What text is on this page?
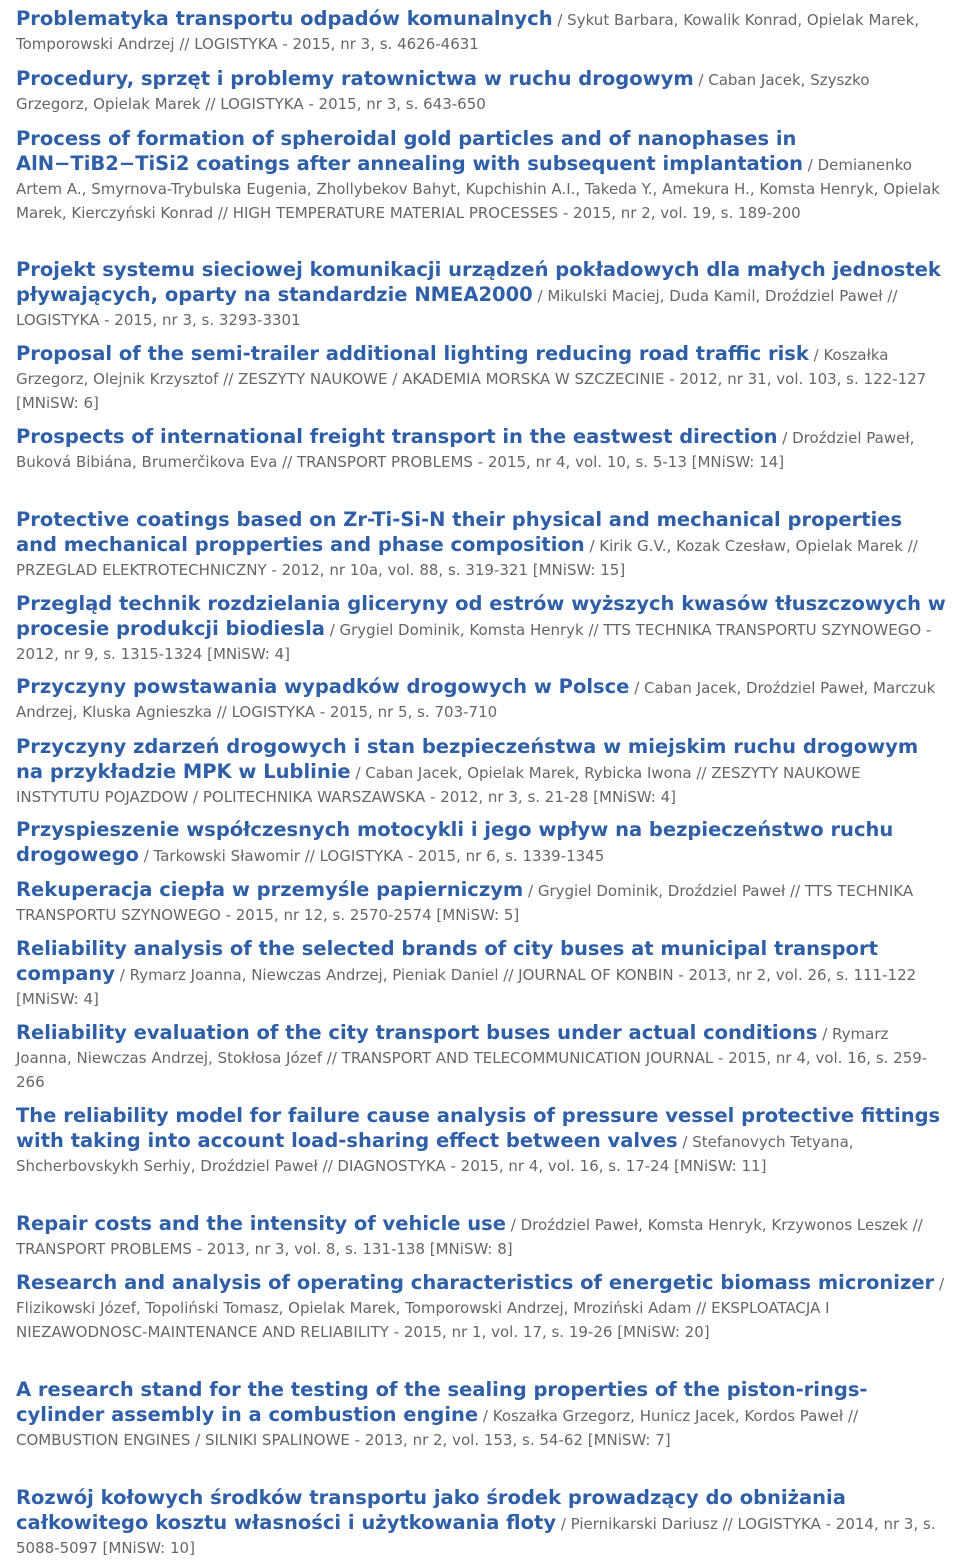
Problematyka transportu odpadów komunalnych / Sykut Barbara, Kowalik Konrad, Opielak Marek, Tomporowski Andrzej // LOGISTYKA - 2015, nr 3, s. 4626-4631

Procedury, sprzęt i problemy ratownictwa w ruchu drogowym / Caban Jacek, Szyszko Grzegorz, Opielak Marek // LOGISTYKA - 2015, nr 3, s. 643-650

Process of formation of spheroidal gold particles and of nanophases in AlN−TiB2−TiSi2 coatings after annealing with subsequent implantation / Demianenko Artem A., Smyrnova-Trybulska Eugenia, Zhollybekov Bahyt, Kupchishin A.I., Takeda Y., Amekura H., Komsta Henryk, Opielak Marek, Kierczyński Konrad // HIGH TEMPERATURE MATERIAL PROCESSES - 2015, nr 2, vol. 19, s. 189-200

Projekt systemu sieciowej komunikacji urządzeń pokładowych dla małych jednostek pływających, oparty na standardzie NMEA2000 / Mikulski Maciej, Duda Kamil, Droździel Paweł // LOGISTYKA - 2015, nr 3, s. 3293-3301

Proposal of the semi-trailer additional lighting reducing road traffic risk / Koszałka Grzegorz, Olejnik Krzysztof // ZESZYTY NAUKOWE / AKADEMIA MORSKA W SZCZECINIE - 2012, nr 31, vol. 103, s. 122-127 [MNiSW: 6]

Prospects of international freight transport in the eastwest direction / Droździel Paweł, Buková Bibiána, Brumerčikova Eva // TRANSPORT PROBLEMS - 2015, nr 4, vol. 10, s. 5-13 [MNiSW: 14]

Protective coatings based on Zr-Ti-Si-N their physical and mechanical properties and mechanical propperties and phase composition / Kirik G.V., Kozak Czesław, Opielak Marek // PRZEGLAD ELEKTROTECHNICZNY - 2012, nr 10a, vol. 88, s. 319-321 [MNiSW: 15]

Przegląd technik rozdzielania gliceryny od estrów wyższych kwasów tłuszczowych w procesie produkcji biodiesla / Grygiel Dominik, Komsta Henryk // TTS TECHNIKA TRANSPORTU SZYNOWEGO - 2012, nr 9, s. 1315-1324 [MNiSW: 4]

Przyczyny powstawania wypadków drogowych w Polsce / Caban Jacek, Droździel Paweł, Marczuk Andrzej, Kluska Agnieszka // LOGISTYKA - 2015, nr 5, s. 703-710

Przyczyny zdarzeń drogowych i stan bezpieczeństwa w miejskim ruchu drogowym na przykładzie MPK w Lublinie / Caban Jacek, Opielak Marek, Rybicka Iwona // ZESZYTY NAUKOWE INSTYTUTU POJAZDOW / POLITECHNIKA WARSZAWSKA - 2012, nr 3, s. 21-28 [MNiSW: 4]

Przyspieszenie współczesnych motocykli i jego wpływ na bezpieczeństwo ruchu drogowego / Tarkowski Sławomir // LOGISTYKA - 2015, nr 6, s. 1339-1345

Rekuperacja ciepła w przemyśle papierniczym / Grygiel Dominik, Droździel Paweł // TTS TECHNIKA TRANSPORTU SZYNOWEGO - 2015, nr 12, s. 2570-2574 [MNiSW: 5]

Reliability analysis of the selected brands of city buses at municipal transport company / Rymarz Joanna, Niewczas Andrzej, Pieniak Daniel // JOURNAL OF KONBIN - 2013, nr 2, vol. 26, s. 111-122 [MNiSW: 4]

Reliability evaluation of the city transport buses under actual conditions / Rymarz Joanna, Niewczas Andrzej, Stokłosa Józef // TRANSPORT AND TELECOMMUNICATION JOURNAL - 2015, nr 4, vol. 16, s. 259-266

The reliability model for failure cause analysis of pressure vessel protective fittings with taking into account load-sharing effect between valves / Stefanovych Tetyana, Shcherbovskykh Serhiy, Droździel Paweł // DIAGNOSTYKA - 2015, nr 4, vol. 16, s. 17-24 [MNiSW: 11]

Repair costs and the intensity of vehicle use / Droździel Paweł, Komsta Henryk, Krzywonos Leszek // TRANSPORT PROBLEMS - 2013, nr 3, vol. 8, s. 131-138 [MNiSW: 8]

Research and analysis of operating characteristics of energetic biomass micronizer / Flizikowski Józef, Topoliński Tomasz, Opielak Marek, Tomporowski Andrzej, Mroziński Adam // EKSPLOATACJA I NIEZAWODNOSC-MAINTENANCE AND RELIABILITY - 2015, nr 1, vol. 17, s. 19-26 [MNiSW: 20]

A research stand for the testing of the sealing properties of the piston-rings-cylinder assembly in a combustion engine / Koszałka Grzegorz, Hunicz Jacek, Kordos Paweł // COMBUSTION ENGINES / SILNIKI SPALINOWE - 2013, nr 2, vol. 153, s. 54-62 [MNiSW: 7]

Rozwój kołowych środków transportu jako środek prowadzący do obniżania całkowitego kosztu własności i użytkowania floty / Piernikarski Dariusz // LOGISTYKA - 2014, nr 3, s. 5088-5097 [MNiSW: 10]
